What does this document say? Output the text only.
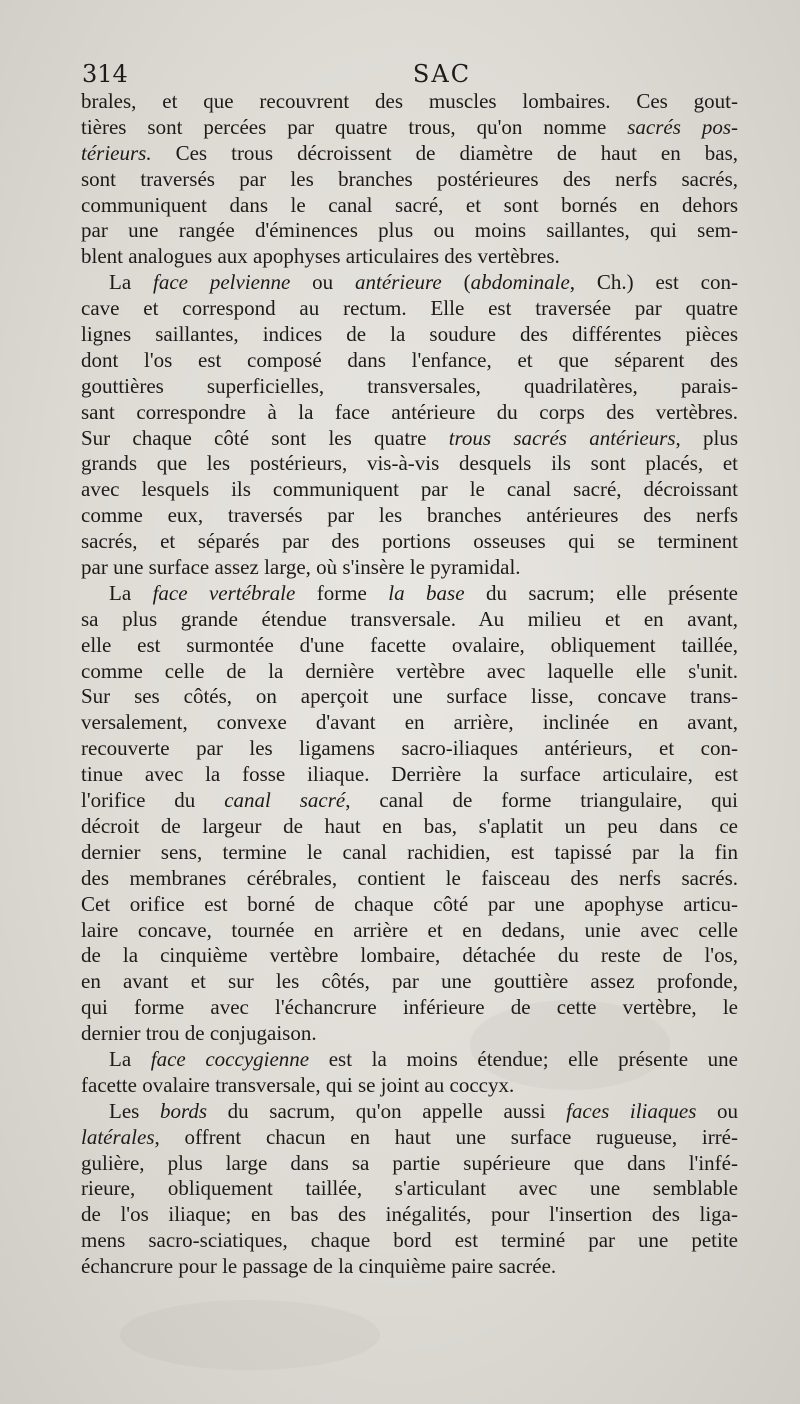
314	SAC
brales, et que recouvrent des muscles lombaires. Ces gout-
tières sont percées par quatre trous, qu'on nomme sacrés pos-
térieurs. Ces trous décroissent de diamètre de haut en bas,
sont traversés par les branches postérieures des nerfs sacrés,
communiquent dans le canal sacré, et sont bornés en dehors
par une rangée d'éminences plus ou moins saillantes, qui sem-
blent analogues aux apophyses articulaires des vertèbres.
La face pelvienne ou antérieure (abdominale, Ch.) est con-
cave et correspond au rectum. Elle est traversée par quatre
lignes saillantes, indices de la soudure des différentes pièces
dont l'os est composé dans l'enfance, et que séparent des
gouttières superficielles, transversales, quadrilatères, parais-
sant correspondre à la face antérieure du corps des vertèbres.
Sur chaque côté sont les quatre trous sacrés antérieurs, plus
grands que les postérieurs, vis-à-vis desquels ils sont placés, et
avec lesquels ils communiquent par le canal sacré, décroissant
comme eux, traversés par les branches antérieures des nerfs
sacrés, et séparés par des portions osseuses qui se terminent
par une surface assez large, où s'insère le pyramidal.
La face vertébrale forme la base du sacrum; elle présente
sa plus grande étendue transversale. Au milieu et en avant,
elle est surmontée d'une facette ovalaire, obliquement taillée,
comme celle de la dernière vertèbre avec laquelle elle s'unit.
Sur ses côtés, on aperçoit une surface lisse, concave trans-
versalement, convexe d'avant en arrière, inclinée en avant,
recouverte par les ligamens sacro-iliaques antérieurs, et con-
tinue avec la fosse iliaque. Derrière la surface articulaire, est
l'orifice du canal sacré, canal de forme triangulaire, qui
décroit de largeur de haut en bas, s'aplatit un peu dans ce
dernier sens, termine le canal rachidien, est tapissé par la fin
des membranes cérébrales, contient le faisceau des nerfs sacrés.
Cet orifice est borné de chaque côté par une apophyse articu-
laire concave, tournée en arrière et en dedans, unie avec celle
de la cinquième vertèbre lombaire, détachée du reste de l'os,
en avant et sur les côtés, par une gouttière assez profonde,
qui forme avec l'échancrure inférieure de cette vertèbre, le
dernier trou de conjugaison.
La face coccygienne est la moins étendue; elle présente une
facette ovalaire transversale, qui se joint au coccyx.
Les bords du sacrum, qu'on appelle aussi faces iliaques ou
latérales, offrent chacun en haut une surface rugueuse, irré-
gulière, plus large dans sa partie supérieure que dans l'infé-
rieure, obliquement taillée, s'articulant avec une semblable
de l'os iliaque; en bas des inégalités, pour l'insertion des liga-
mens sacro-sciatiques, chaque bord est terminé par une petite
échancrure pour le passage de la cinquième paire sacrée.
